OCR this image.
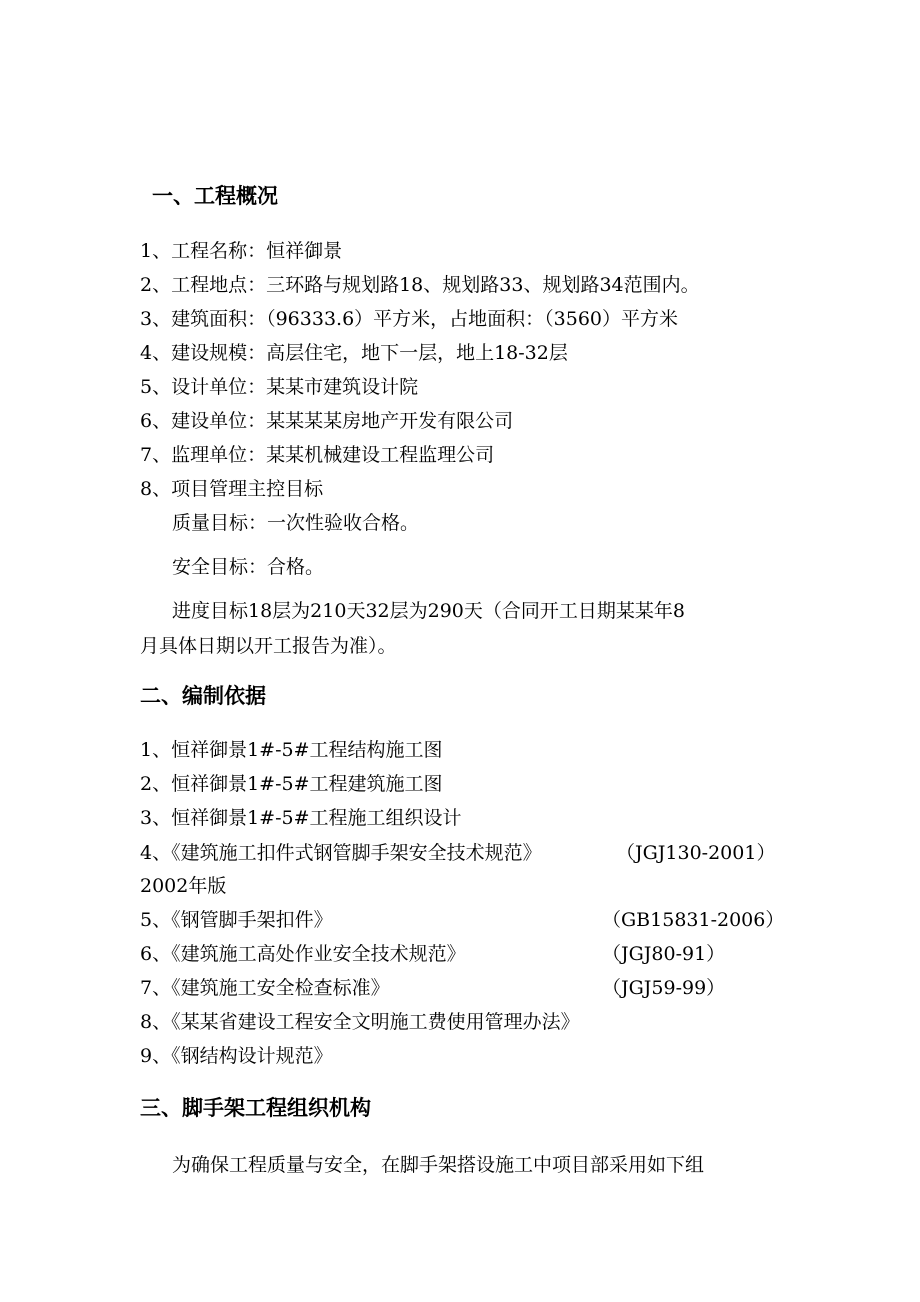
一、工程概况
1、工程名称：恒祥御景
2、工程地点：三环路与规划路18、规划路33、规划路34范围内。
3、建筑面积：（96333.6）平方米，占地面积：（3560）平方米
4、建设规模：高层住宅，地下一层，地上18-32层
5、设计单位：某某市建筑设计院
6、建设单位：某某某某房地产开发有限公司
7、监理单位：某某机械建设工程监理公司
8、项目管理主控目标
质量目标：一次性验收合格。
安全目标：合格。
进度目标18层为210天32层为290天（合同开工日期某某年8
月具体日期以开工报告为准）。
二、编制依据
1、恒祥御景1#-5#工程结构施工图
2、恒祥御景1#-5#工程建筑施工图
3、恒祥御景1#-5#工程施工组织设计
4、《建筑施工扣件式钢管脚手架安全技术规范》	（JGJ130-2001）
2002年版
5、《钢管脚手架扣件》	（GB15831-2006）
6、《建筑施工高处作业安全技术规范》	（JGJ80-91）
7、《建筑施工安全检查标准》	（JGJ59-99）
8、《某某省建设工程安全文明施工费使用管理办法》
9、《钢结构设计规范》
三、脚手架工程组织机构
为确保工程质量与安全，在脚手架搭设施工中项目部采用如下组
